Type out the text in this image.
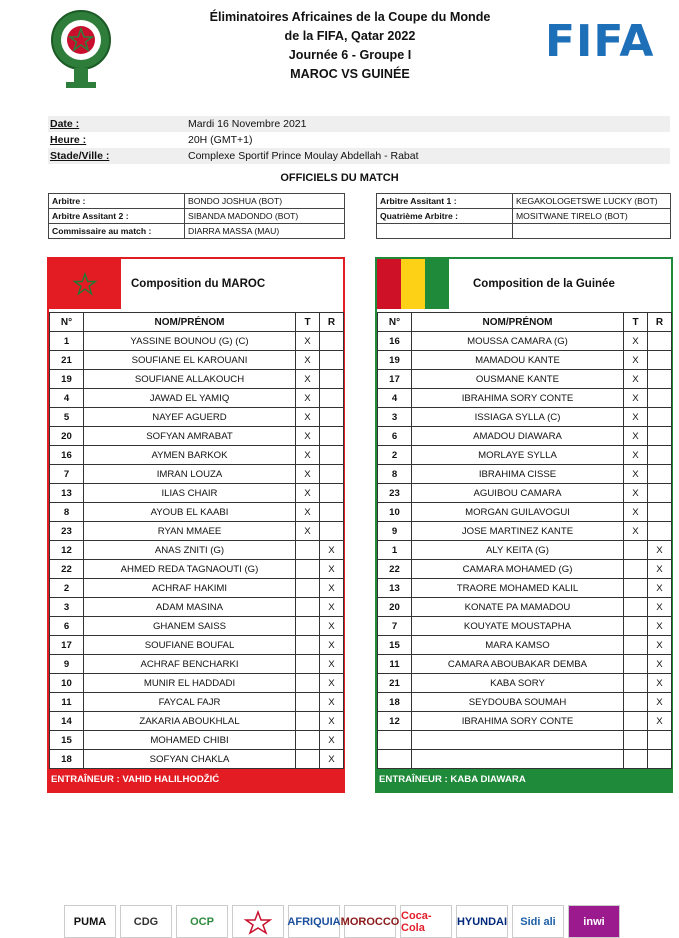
Éliminatoires Africaines de la Coupe du Monde
de la FIFA, Qatar 2022
Journée 6 - Groupe I
MAROC VS GUINÉE
FIFA
Date :	Mardi 16 Novembre 2021
Heure :	20H (GMT+1)
Stade/Ville :	Complexe Sportif Prince Moulay Abdellah - Rabat
OFFICIELS DU MATCH
Arbitre :	BONDO JOSHUA (BOT)
Arbitre Assitant 2 :	SIBANDA MADONDO (BOT)
Commissaire au match :	DIARRA MASSA (MAU)
Arbitre Assitant 1 :	KEGAKOLOGETSWE LUCKY (BOT)
Quatrième Arbitre :	MOSITWANE TIRELO (BOT)

Composition du MAROC
N°	NOM/PRÉNOM	T	R
1	YASSINE BOUNOU (G) (C)	X	
21	SOUFIANE EL KAROUANI	X	
19	SOUFIANE ALLAKOUCH	X	
4	JAWAD EL YAMIQ	X	
5	NAYEF AGUERD	X	
20	SOFYAN AMRABAT	X	
16	AYMEN BARKOK	X	
7	IMRAN LOUZA	X	
13	ILIAS CHAIR	X	
8	AYOUB EL KAABI	X	
23	RYAN MMAEE	X	
12	ANAS ZNITI (G)		X
22	AHMED REDA TAGNAOUTI (G)		X
2	ACHRAF HAKIMI		X
3	ADAM MASINA		X
6	GHANEM SAISS		X
17	SOUFIANE BOUFAL		X
9	ACHRAF BENCHARKI		X
10	MUNIR EL HADDADI		X
11	FAYCAL FAJR		X
14	ZAKARIA ABOUKHLAL		X
15	MOHAMED CHIBI		X
18	SOFYAN CHAKLA		X
ENTRAÎNEUR : VAHID HALILHODŽIĆ
Composition de la Guinée
N°	NOM/PRÉNOM	T	R
16	MOUSSA CAMARA (G)	X	
19	MAMADOU KANTE	X	
17	OUSMANE KANTE	X	
4	IBRAHIMA SORY CONTE	X	
3	ISSIAGA SYLLA (C)	X	
6	AMADOU DIAWARA	X	
2	MORLAYE SYLLA	X	
8	IBRAHIMA CISSE	X	
23	AGUIBOU CAMARA	X	
10	MORGAN GUILAVOGUI	X	
9	JOSE MARTINEZ KANTE	X	
1	ALY KEITA (G)		X
22	CAMARA MOHAMED (G)		X
13	TRAORE MOHAMED KALIL		X
20	KONATE PA MAMADOU		X
7	KOUYATE MOUSTAPHA		X
15	MARA KAMSO		X
11	CAMARA ABOUBAKAR DEMBA		X
21	KABA SORY		X
18	SEYDOUBA SOUMAH		X
12	IBRAHIMA SORY CONTE		X

ENTRAÎNEUR : KABA DIAWARA
PUMA	CDG	OCP	AFRIQUIA MOROCCO Coca-Cola	HYUNDAI	Sidi ali	inwi
